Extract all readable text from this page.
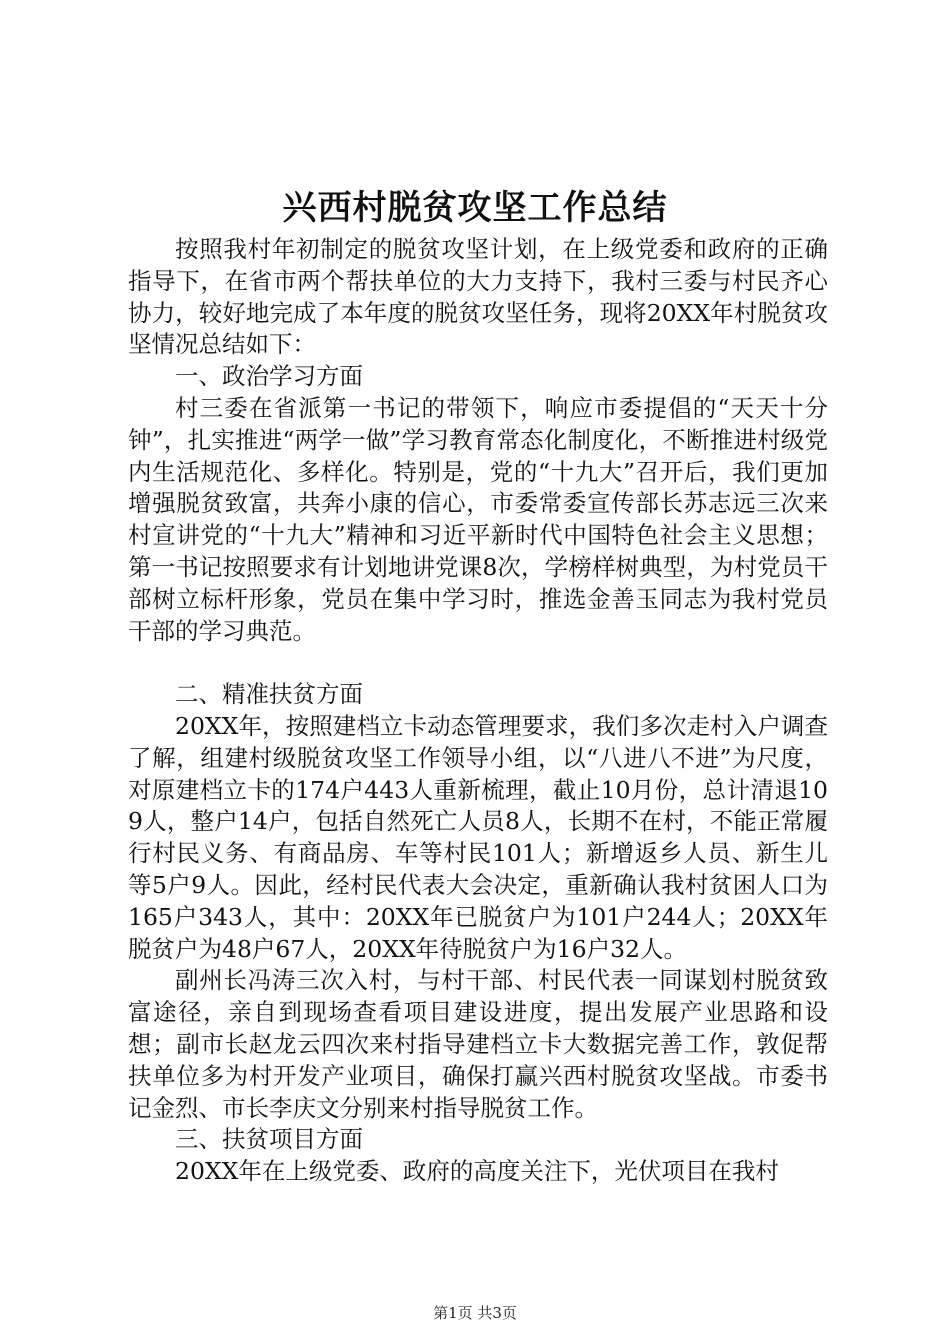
兴西村脱贫攻坚工作总结

按照我村年初制定的脱贫攻坚计划，在上级党委和政府的正确指导下，在省市两个帮扶单位的大力支持下，我村三委与村民齐心协力，较好地完成了本年度的脱贫攻坚任务，现将20XX年村脱贫攻坚情况总结如下：

一、政治学习方面

村三委在省派第一书记的带领下，响应市委提倡的“天天十分钟”，扎实推进“两学一做”学习教育常态化制度化，不断推进村级党内生活规范化、多样化。特别是，党的“十九大”召开后，我们更加增强脱贫致富，共奔小康的信心，市委常委宣传部长苏志远三次来村宣讲党的“十九大”精神和习近平新时代中国特色社会主义思想；第一书记按照要求有计划地讲党课8次，学榜样树典型，为村党员干部树立标杆形象，党员在集中学习时，推选金善玉同志为我村党员干部的学习典范。

二、精准扶贫方面

20XX年，按照建档立卡动态管理要求，我们多次走村入户调查了解，组建村级脱贫攻坚工作领导小组，以“八进八不进”为尺度，对原建档立卡的174户443人重新梳理，截止10月份，总计清退109人，整户14户，包括自然死亡人员8人，长期不在村，不能正常履行村民义务、有商品房、车等村民101人；新增返乡人员、新生儿等5户9人。因此，经村民代表大会决定，重新确认我村贫困人口为165户343人，其中：20XX年已脱贫户为101户244人；20XX年脱贫户为48户67人，20XX年待脱贫户为16户32人。

副州长冯涛三次入村，与村干部、村民代表一同谋划村脱贫致富途径，亲自到现场查看项目建设进度，提出发展产业思路和设想；副市长赵龙云四次来村指导建档立卡大数据完善工作，敦促帮扶单位多为村开发产业项目，确保打赢兴西村脱贫攻坚战。市委书记金烈、市长李庆文分别来村指导脱贫工作。

三、扶贫项目方面

20XX年在上级党委、政府的高度关注下，光伏项目在我村

第1页 共3页
